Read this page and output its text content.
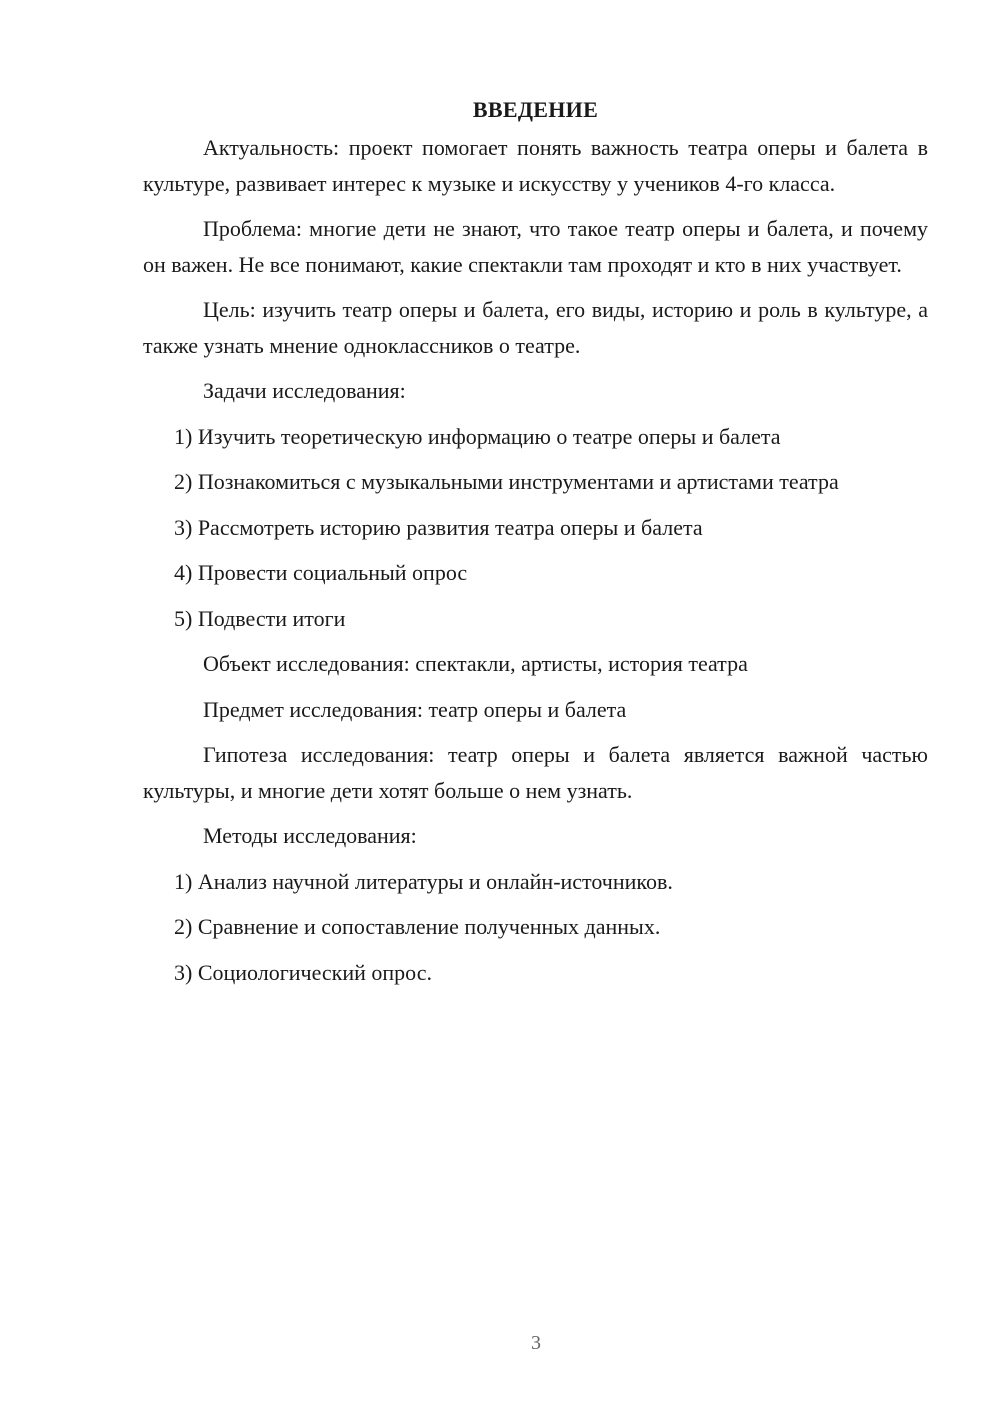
ВВЕДЕНИЕ

Актуальность: проект помогает понять важность театра оперы и балета в культуре, развивает интерес к музыке и искусству у учеников 4-го класса.

Проблема: многие дети не знают, что такое театр оперы и балета, и почему он важен. Не все понимают, какие спектакли там проходят и кто в них участвует.

Цель: изучить театр оперы и балета, его виды, историю и роль в культуре, а также узнать мнение одноклассников о театре.

Задачи исследования:

1) Изучить теоретическую информацию о театре оперы и балета

2) Познакомиться с музыкальными инструментами и артистами театра

3) Рассмотреть историю развития театра оперы и балета

4) Провести социальный опрос

5) Подвести итоги

Объект исследования: спектакли, артисты, история театра

Предмет исследования: театр оперы и балета

Гипотеза исследования: театр оперы и балета является важной частью культуры, и многие дети хотят больше о нем узнать.

Методы исследования:

1) Анализ научной литературы и онлайн-источников.

2) Сравнение и сопоставление полученных данных.

3) Социологический опрос.

3
